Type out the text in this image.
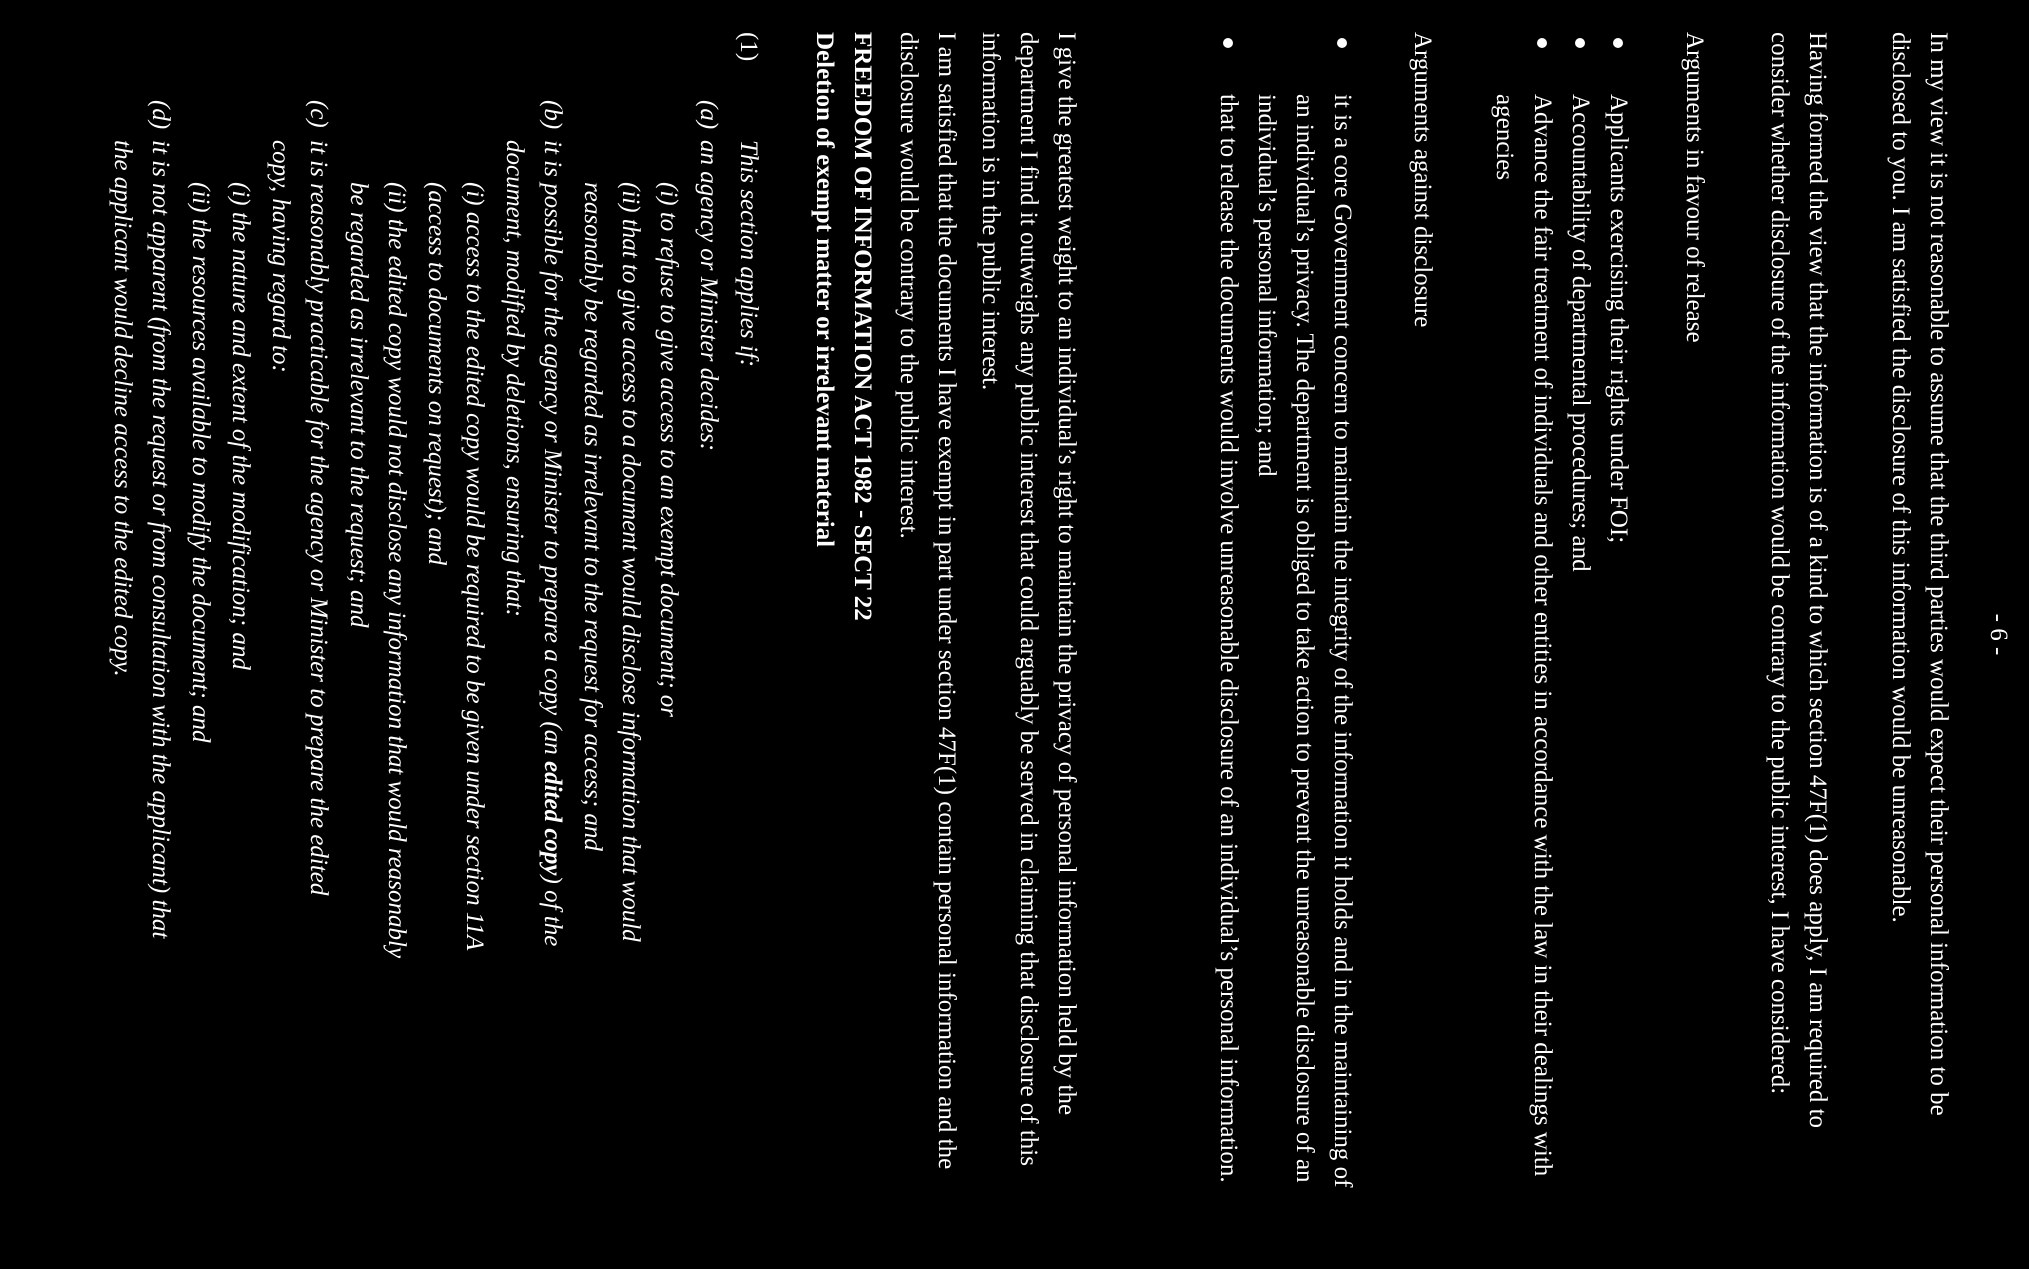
- 6 -

In my view it is not reasonable to assume that the third parties would expect their personal information to be disclosed to you. I am satisfied the disclosure of this information would be unreasonable.

Having formed the view that the information is of a kind to which section 47F(1) does apply, I am required to consider whether disclosure of the information would be contrary to the public interest, I have considered:

Arguments in favour of release

Applicants exercising their rights under FOI;
Accountability of departmental procedures; and
Advance the fair treatment of individuals and other entities in accordance with the law in their dealings with agencies

Arguments against disclosure

it is a core Government concern to maintain the integrity of the information it holds and in the maintaining of an individual’s privacy. The department is obliged to take action to prevent the unreasonable disclosure of an individual’s personal information; and
that to release the documents would involve unreasonable disclosure of an individual’s personal information.

I give the greatest weight to an individual’s right to maintain the privacy of personal information held by the department I find it outweighs any public interest that could arguably be served in claiming that disclosure of this information is in the public interest.

I am satisfied that the documents I have exempt in part under section 47F(1) contain personal information and the disclosure would be contrary to the public interest.

FREEDOM OF INFORMATION ACT 1982 - SECT 22
Deletion of exempt matter or irrelevant material
(1)
This section applies if:
(a)
an agency or Minister decides:
(i) to refuse to give access to an exempt document; or
(ii) that to give access to a document would disclose information that would
reasonably be regarded as irrelevant to the request for access; and
(b)
it is possible for the agency or Minister to prepare a copy (an edited copy) of the
document, modified by deletions, ensuring that:
(i) access to the edited copy would be required to be given under section 11A
(access to documents on request); and
(ii) the edited copy would not disclose any information that would reasonably
be regarded as irrelevant to the request; and
(c)
it is reasonably practicable for the agency or Minister to prepare the edited
copy, having regard to:
(i) the nature and extent of the modification; and
(ii) the resources available to modify the document; and
(d)
it is not apparent (from the request or from consultation with the applicant) that
the applicant would decline access to the edited copy.
